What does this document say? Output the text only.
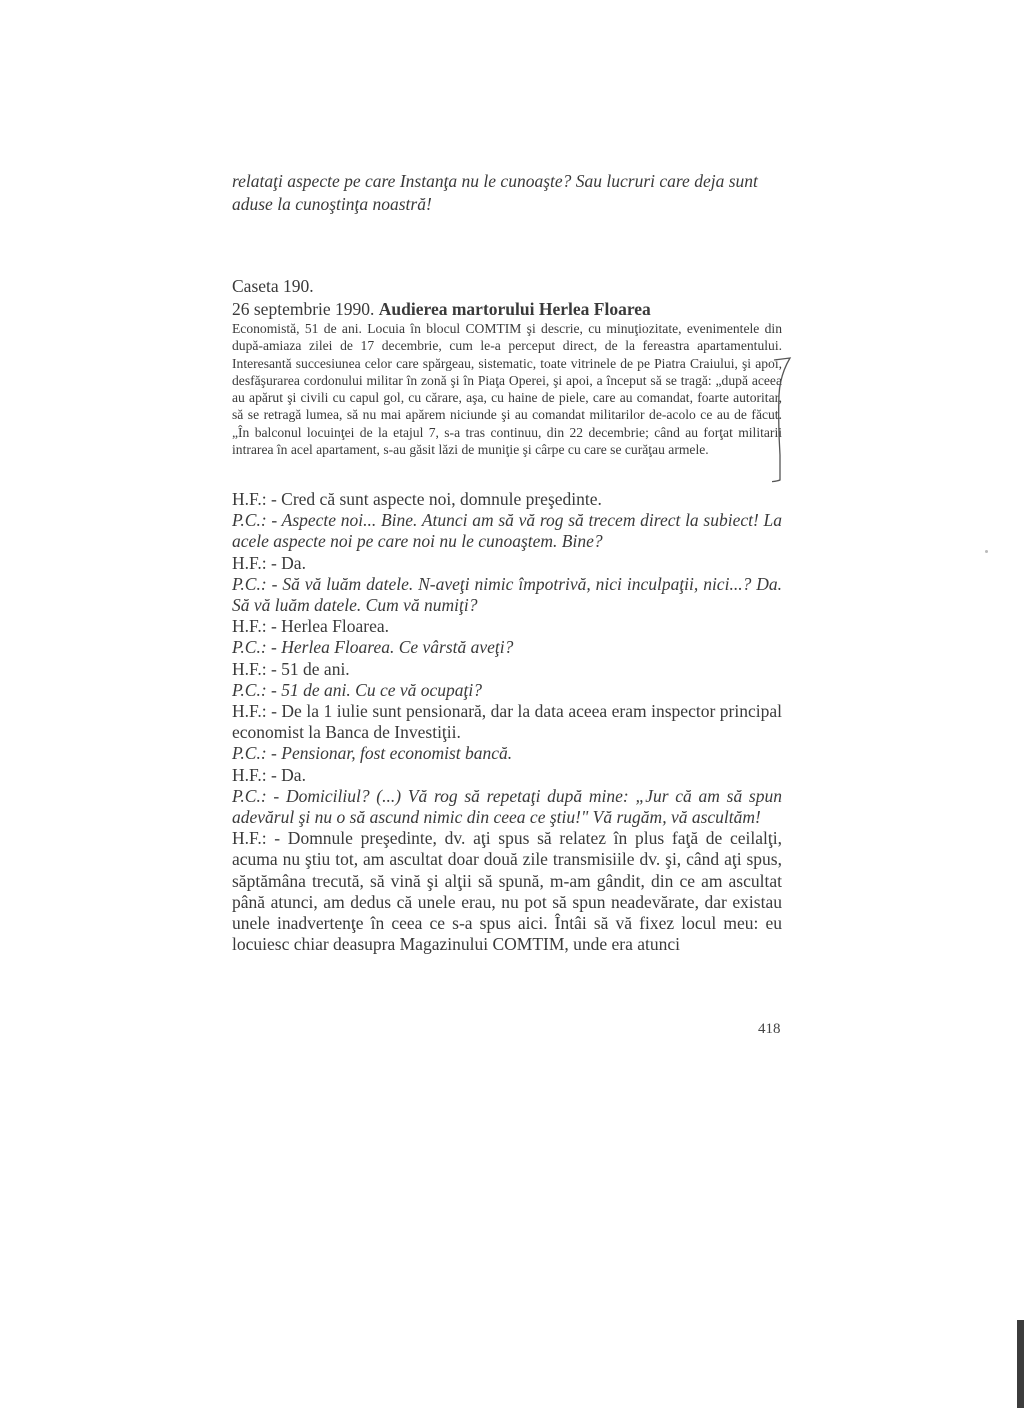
relataţi aspecte pe care Instanţa nu le cunoaşte? Sau lucruri care deja sunt aduse la cunoştinţa noastră!
Caseta 190.
26 septembrie 1990. Audierea martorului Herlea Floarea
Economistă, 51 de ani. Locuia în blocul COMTIM şi descrie, cu minuţiozitate, evenimentele din după-amiaza zilei de 17 decembrie, cum le-a perceput direct, de la fereastra apartamentului. Interesantă succesiunea celor care spărgeau, sistematic, toate vitrinele de pe Piatra Craiului, şi apoi, desfăşurarea cordonului militar în zonă şi în Piaţa Operei, şi apoi, a început să se tragă: „după aceea au apărut şi civili cu capul gol, cu cărare, aşa, cu haine de piele, care au comandat, foarte autoritar, să se retragă lumea, să nu mai apărem niciunde şi au comandat militarilor de-acolo ce au de făcut. „În balconul locuinţei de la etajul 7, s-a tras continuu, din 22 decembrie; când au forţat militarii intrarea în acel apartament, s-au găsit lăzi de muniţie şi cârpe cu care se curăţau armele.
H.F.: - Cred că sunt aspecte noi, domnule preşedinte.
P.C.: - Aspecte noi... Bine. Atunci am să vă rog să trecem direct la subiect! La acele aspecte noi pe care noi nu le cunoaştem. Bine?
H.F.: - Da.
P.C.: - Să vă luăm datele. N-aveţi nimic împotrivă, nici inculpaţii, nici...? Da. Să vă luăm datele. Cum vă numiţi?
H.F.: - Herlea Floarea.
P.C.: - Herlea Floarea. Ce vârstă aveţi?
H.F.: - 51 de ani.
P.C.: - 51 de ani. Cu ce vă ocupaţi?
H.F.: - De la 1 iulie sunt pensionară, dar la data aceea eram inspector principal economist la Banca de Investiţii.
P.C.: - Pensionar, fost economist bancă.
H.F.: - Da.
P.C.: - Domiciliul? (...) Vă rog să repetaţi după mine: „Jur că am să spun adevărul şi nu o să ascund nimic din ceea ce ştiu!" Vă rugăm, vă ascultăm!
H.F.: - Domnule preşedinte, dv. aţi spus să relatez în plus faţă de ceilalţi, acuma nu ştiu tot, am ascultat doar două zile transmisiile dv. şi, când aţi spus, săptămâna trecută, să vină şi alţii să spună, m-am gândit, din ce am ascultat până atunci, am dedus că unele erau, nu pot să spun neadevărate, dar existau unele inadvertenţe în ceea ce s-a spus aici. Întâi să vă fixez locul meu: eu locuiesc chiar deasupra Magazinului COMTIM, unde era atunci
418
